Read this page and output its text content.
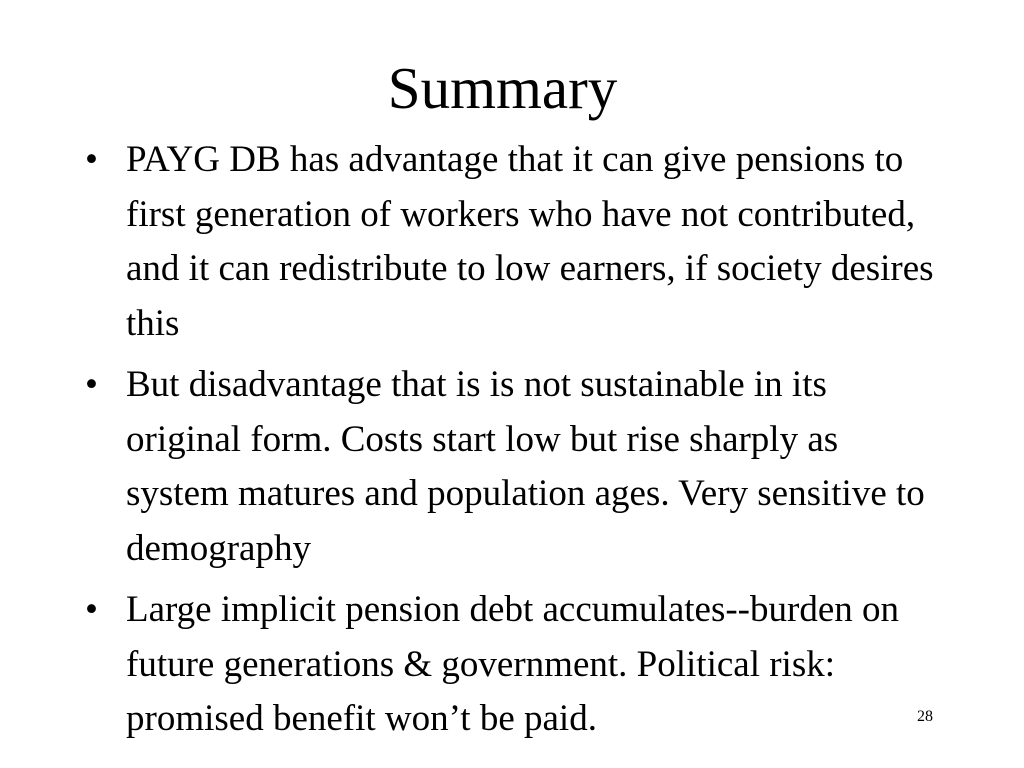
Summary
• PAYG DB has advantage that it can give pensions to first generation of workers who have not contributed, and it can redistribute to low earners, if society desires this
• But disadvantage that is is not sustainable in its original form. Costs start low but rise sharply as system matures and population ages. Very sensitive to demography
• Large implicit pension debt accumulates--burden on future generations & government. Political risk: promised benefit won’t be paid.	28
